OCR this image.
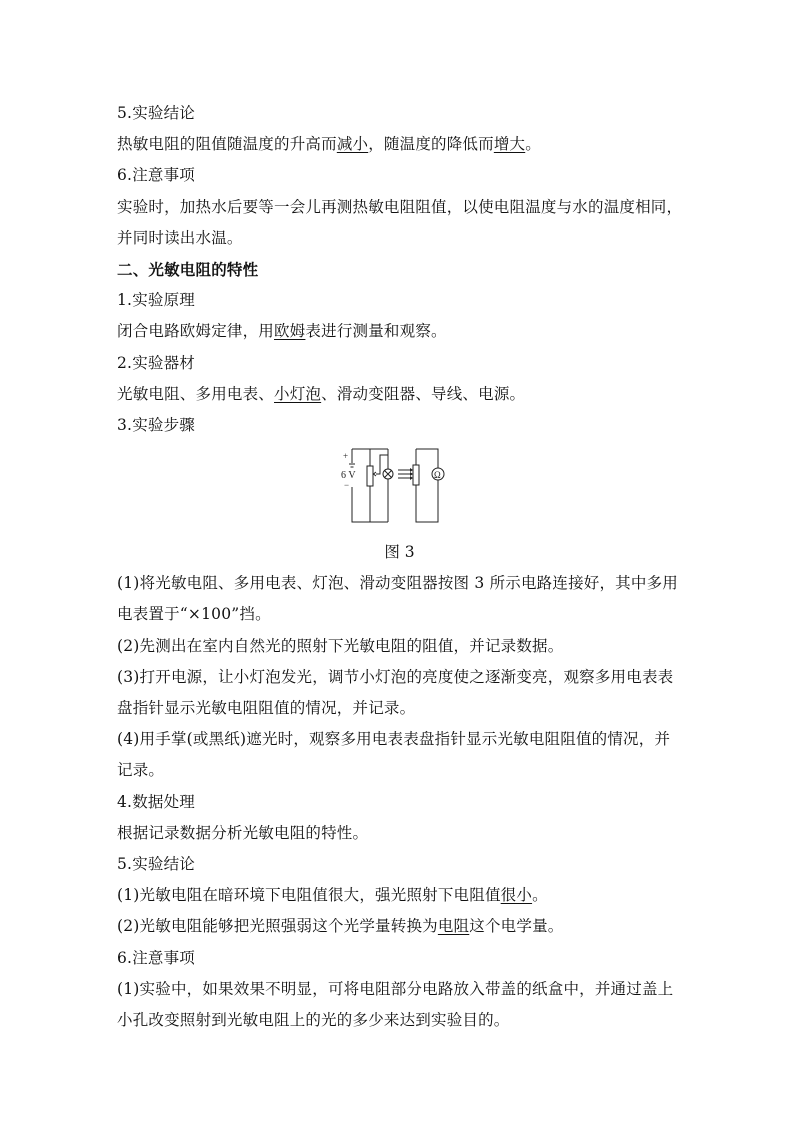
5.实验结论
热敏电阻的阻值随温度的升高而减小，随温度的降低而增大。
6.注意事项
实验时，加热水后要等一会儿再测热敏电阻阻值，以使电阻温度与水的温度相同，
并同时读出水温。
二、光敏电阻的特性
1.实验原理
闭合电路欧姆定律，用欧姆表进行测量和观察。
2.实验器材
光敏电阻、多用电表、小灯泡、滑动变阻器、导线、电源。
3.实验步骤
+
6 V
−
Ω
图 3
(1)将光敏电阻、多用电表、灯泡、滑动变阻器按图 3 所示电路连接好，其中多用
电表置于“×100”挡。
(2)先测出在室内自然光的照射下光敏电阻的阻值，并记录数据。
(3)打开电源，让小灯泡发光，调节小灯泡的亮度使之逐渐变亮，观察多用电表表
盘指针显示光敏电阻阻值的情况，并记录。
(4)用手掌(或黑纸)遮光时，观察多用电表表盘指针显示光敏电阻阻值的情况，并
记录。
4.数据处理
根据记录数据分析光敏电阻的特性。
5.实验结论
(1)光敏电阻在暗环境下电阻值很大，强光照射下电阻值很小。
(2)光敏电阻能够把光照强弱这个光学量转换为电阻这个电学量。
6.注意事项
(1)实验中，如果效果不明显，可将电阻部分电路放入带盖的纸盒中，并通过盖上
小孔改变照射到光敏电阻上的光的多少来达到实验目的。
